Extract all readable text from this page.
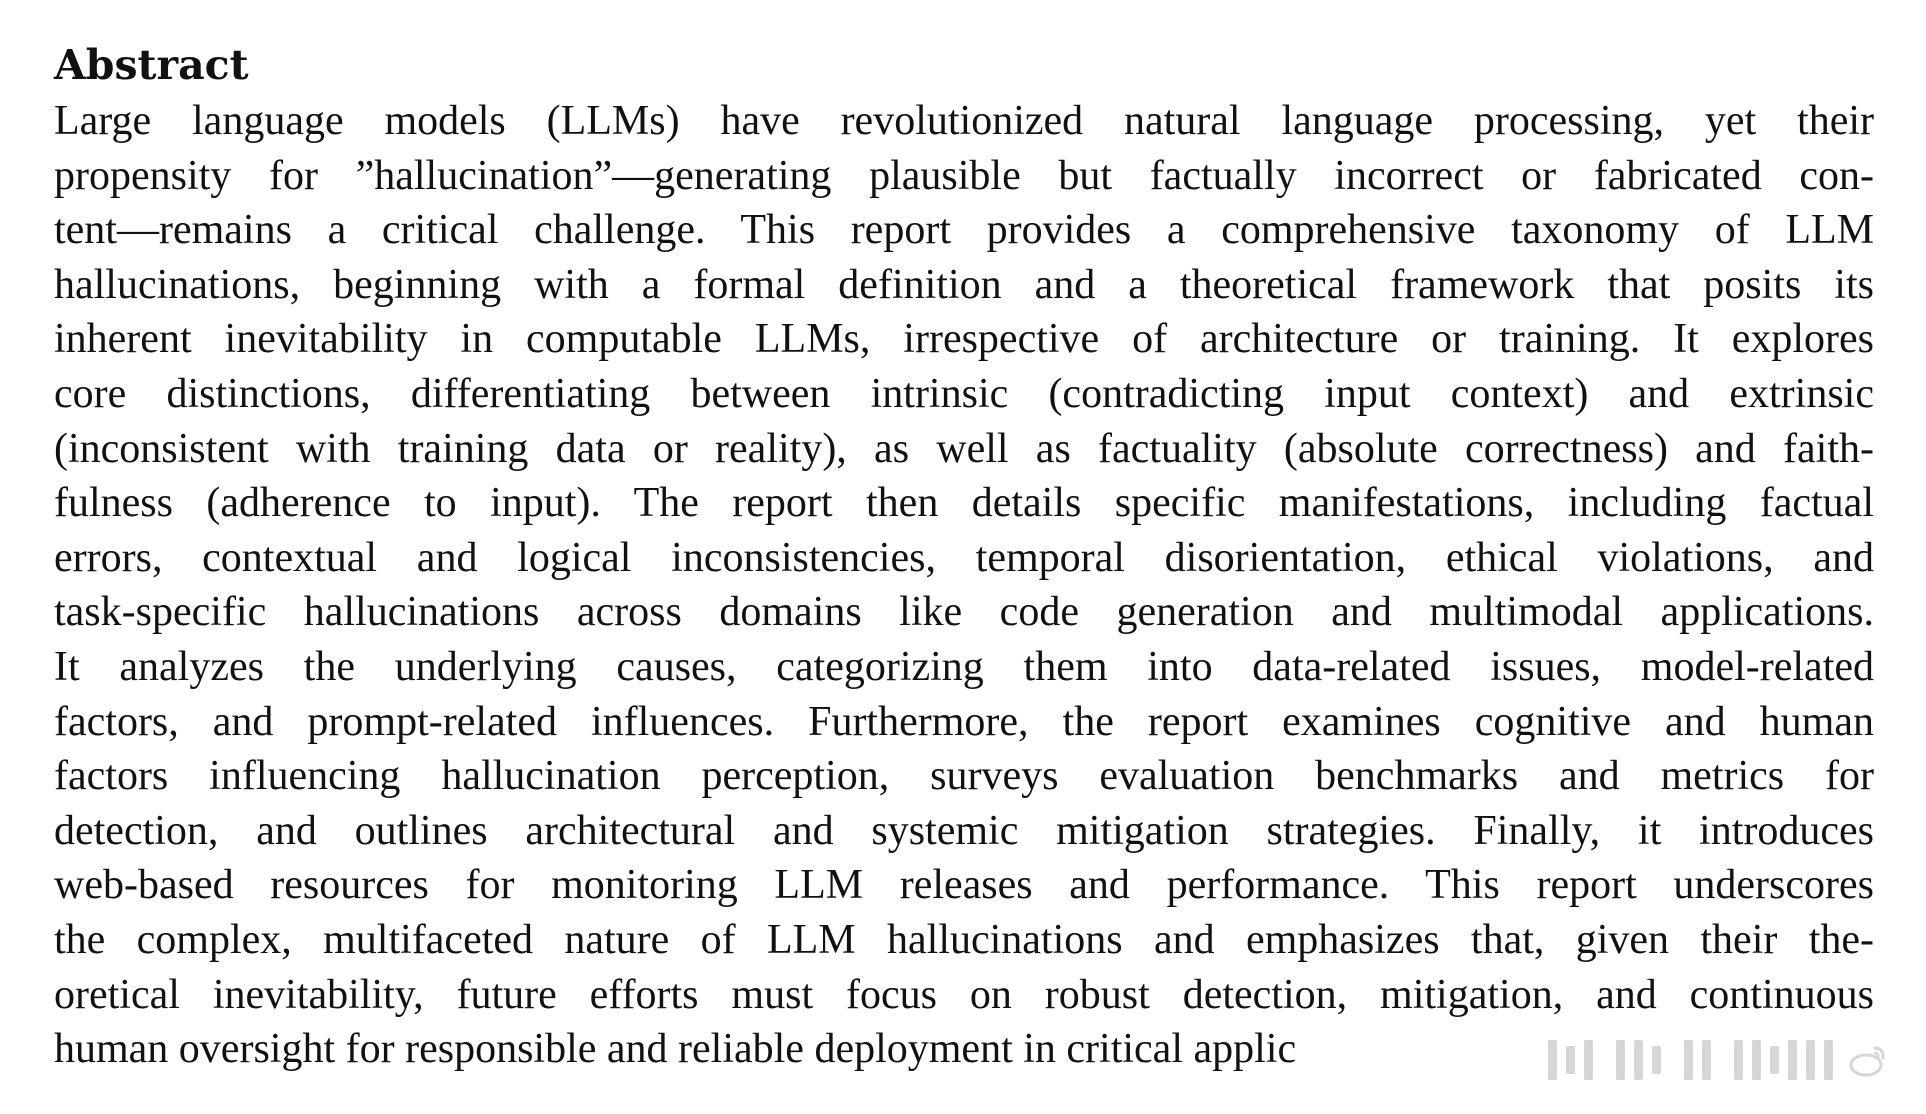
Abstract
Large language models (LLMs) have revolutionized natural language processing, yet their
propensity for ”hallucination”—generating plausible but factually incorrect or fabricated con-
tent—remains a critical challenge. This report provides a comprehensive taxonomy of LLM
hallucinations, beginning with a formal definition and a theoretical framework that posits its
inherent inevitability in computable LLMs, irrespective of architecture or training. It explores
core distinctions, differentiating between intrinsic (contradicting input context) and extrinsic
(inconsistent with training data or reality), as well as factuality (absolute correctness) and faith-
fulness (adherence to input). The report then details specific manifestations, including factual
errors, contextual and logical inconsistencies, temporal disorientation, ethical violations, and
task-specific hallucinations across domains like code generation and multimodal applications.
It analyzes the underlying causes, categorizing them into data-related issues, model-related
factors, and prompt-related influences. Furthermore, the report examines cognitive and human
factors influencing hallucination perception, surveys evaluation benchmarks and metrics for
detection, and outlines architectural and systemic mitigation strategies. Finally, it introduces
web-based resources for monitoring LLM releases and performance. This report underscores
the complex, multifaceted nature of LLM hallucinations and emphasizes that, given their the-
oretical inevitability, future efforts must focus on robust detection, mitigation, and continuous
human oversight for responsible and reliable deployment in critical applic
